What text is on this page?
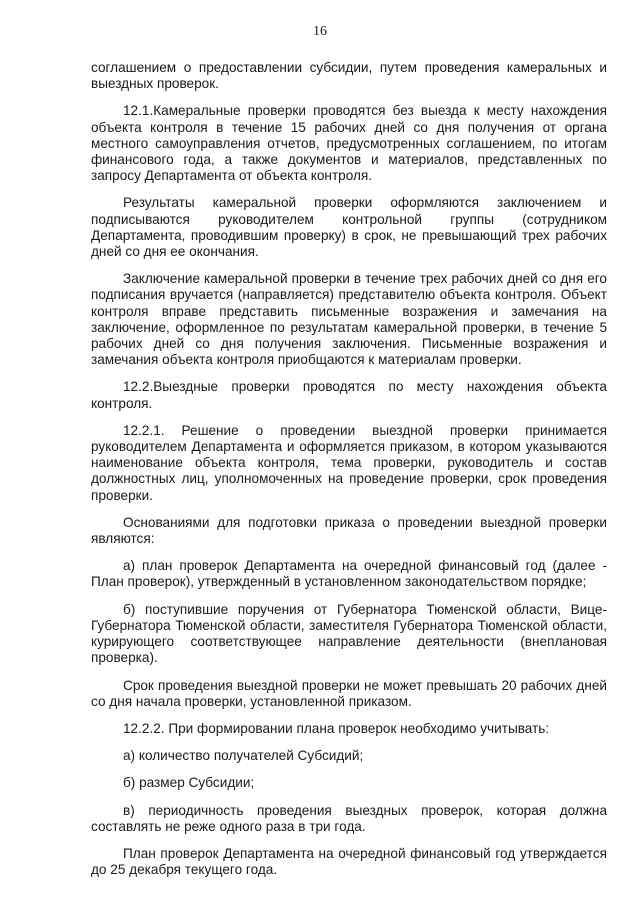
16

соглашением о предоставлении субсидии, путем проведения камеральных и выездных проверок.

12.1.Камеральные проверки проводятся без выезда к месту нахождения объекта контроля в течение 15 рабочих дней со дня получения от органа местного самоуправления отчетов, предусмотренных соглашением, по итогам финансового года, а также документов и материалов, представленных по запросу Департамента от объекта контроля.

Результаты камеральной проверки оформляются заключением и подписываются руководителем контрольной группы (сотрудником Департамента, проводившим проверку) в срок, не превышающий трех рабочих дней со дня ее окончания.

Заключение камеральной проверки в течение трех рабочих дней со дня его подписания вручается (направляется) представителю объекта контроля. Объект контроля вправе представить письменные возражения и замечания на заключение, оформленное по результатам камеральной проверки, в течение 5 рабочих дней со дня получения заключения. Письменные возражения и замечания объекта контроля приобщаются к материалам проверки.

12.2.Выездные проверки проводятся по месту нахождения объекта контроля.

12.2.1. Решение о проведении выездной проверки принимается руководителем Департамента и оформляется приказом, в котором указываются наименование объекта контроля, тема проверки, руководитель и состав должностных лиц, уполномоченных на проведение проверки, срок проведения проверки.

Основаниями для подготовки приказа о проведении выездной проверки являются:

а) план проверок Департамента на очередной финансовый год (далее - План проверок), утвержденный в установленном законодательством порядке;

б) поступившие поручения от Губернатора Тюменской области, Вице-Губернатора Тюменской области, заместителя Губернатора Тюменской области, курирующего соответствующее направление деятельности (внеплановая проверка).

Срок проведения выездной проверки не может превышать 20 рабочих дней со дня начала проверки, установленной приказом.

12.2.2. При формировании плана проверок необходимо учитывать:

а) количество получателей Субсидий;

б) размер Субсидии;

в) периодичность проведения выездных проверок, которая должна составлять не реже одного раза в три года.

План проверок Департамента на очередной финансовый год утверждается до 25 декабря текущего года.
